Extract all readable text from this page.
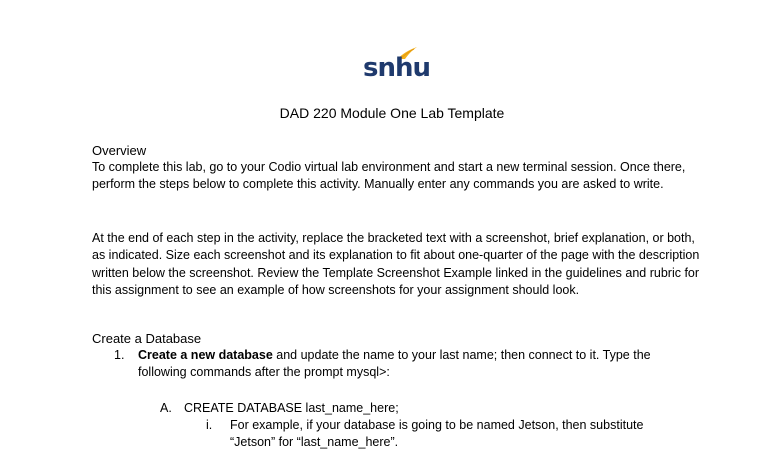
snhu
DAD 220 Module One Lab Template
Overview
To complete this lab, go to your Codio virtual lab environment and start a new terminal session. Once there, perform the steps below to complete this activity. Manually enter any commands you are asked to write.
At the end of each step in the activity, replace the bracketed text with a screenshot, brief explanation, or both, as indicated. Size each screenshot and its explanation to fit about one-quarter of the page with the description written below the screenshot. Review the Template Screenshot Example linked in the guidelines and rubric for this assignment to see an example of how screenshots for your assignment should look.
Create a Database
1. Create a new database and update the name to your last name; then connect to it. Type the following commands after the prompt mysql>:
A. CREATE DATABASE last_name_here;
i. For example, if your database is going to be named Jetson, then substitute “Jetson” for “last_name_here”.
